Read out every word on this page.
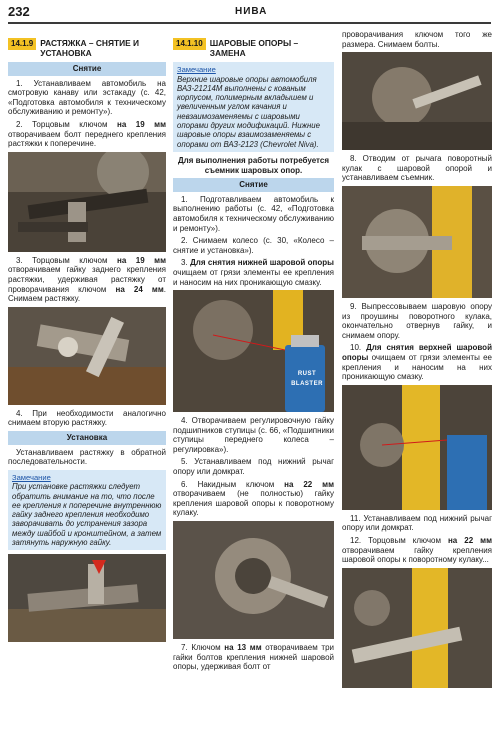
232	НИВА
14.1.9 РАСТЯЖКА – СНЯТИЕ И УСТАНОВКА
Снятие

1. Устанавливаем автомобиль на смотровую канаву или эстакаду (с. 42, «Подготовка автомобиля к техническому обслуживанию и ремонту»).

2. Торцовым ключом на 19 мм отворачиваем болт переднего крепления растяжки к поперечине.

3. Торцовым ключом на 19 мм отворачиваем гайку заднего крепления растяжки, удерживая растяжку от проворачивания ключом на 24 мм. Снимаем растяжку.

4. При необходимости аналогично снимаем вторую растяжку.

Установка

Устанавливаем растяжку в обратной последовательности.

Замечание
При установке растяжки следует обратить внимание на то, что после ее крепления к поперечине внутреннюю гайку заднего крепления необходимо заворачивать до устранения зазора между шайбой и кронштейном, а затем затянуть наружную гайку.
14.1.10 ШАРОВЫЕ ОПОРЫ – ЗАМЕНА
Замечание
Верхние шаровые опоры автомобиля ВАЗ-21214М выполнены с кованым корпусом, полимерным вкладышем и увеличенным углом качания и невзаимозаменяемы с шаровыми опорами других модификаций. Нижние шаровые опоры взаимозаменяемы с опорами от ВАЗ-2123 (Chevrolet Niva).

Для выполнения работы потребуется съемник шаровых опор.

Снятие

1. Подготавливаем автомобиль к выполнению работы (с. 42, «Подготовка автомобиля к техническому обслуживанию и ремонту»).

2. Снимаем колесо (с. 30, «Колесо – снятие и установка»).

3. Для снятия нижней шаровой опоры очищаем от грязи элементы ее крепления и наносим на них проникающую смазку.

RUST BLASTER

4. Отворачиваем регулировочную гайку подшипников ступицы (с. 66, «Подшипники ступицы переднего колеса – регулировка»).

5. Устанавливаем под нижний рычаг опору или домкрат.

6. Накидным ключом на 22 мм отворачиваем (не полностью) гайку крепления шаровой опоры к поворотному кулаку.

7. Ключом на 13 мм отворачиваем три гайки болтов крепления нижней шаровой опоры, удерживая болт от

проворачивания ключом того же размера. Снимаем болты.

8. Отводим от рычага поворотный кулак с шаровой опорой и устанавливаем съемник.

9. Выпрессовываем шаровую опору из проушины поворотного кулака, окончательно отвернув гайку, и снимаем опору.

10. Для снятия верхней шаровой опоры очищаем от грязи элементы ее крепления и наносим на них проникающую смазку.

11. Устанавливаем под нижний рычаг опору или домкрат.

12. Торцовым ключом на 22 мм отворачиваем гайку крепления шаровой опоры к поворотному кулаку...
